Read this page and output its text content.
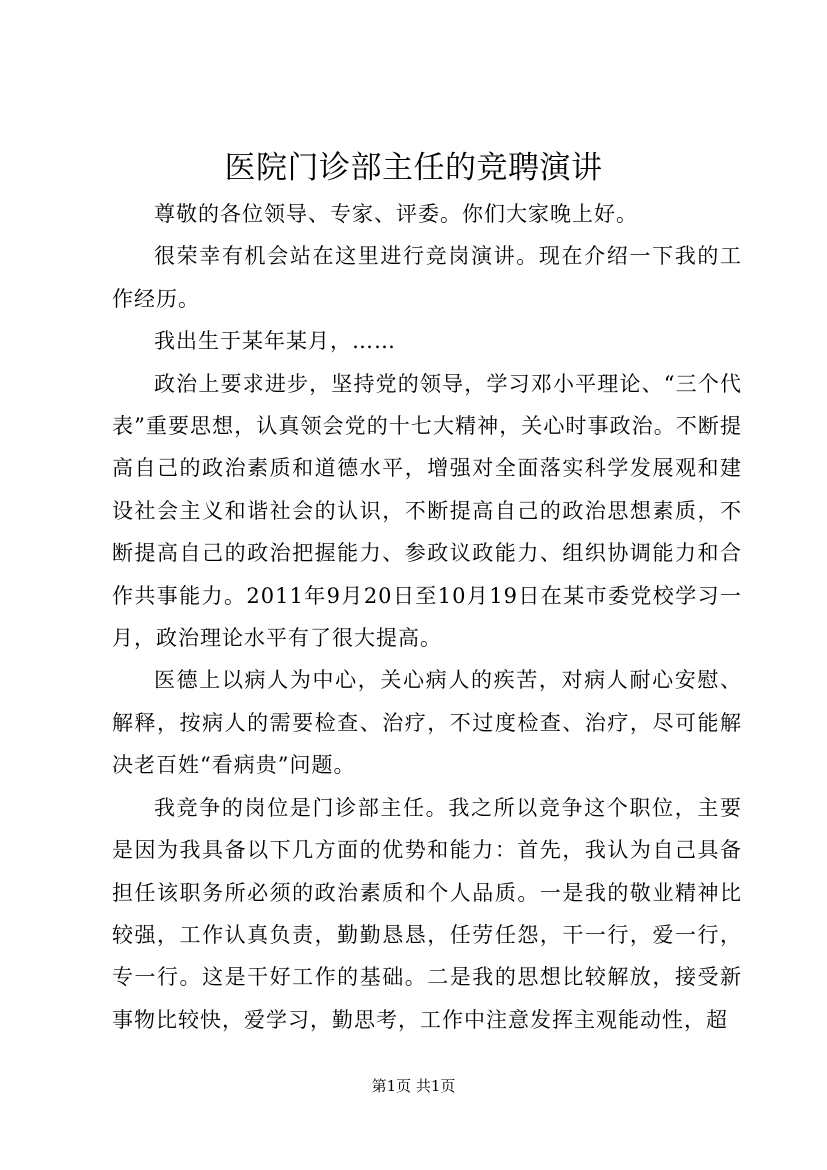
医院门诊部主任的竞聘演讲

尊敬的各位领导、专家、评委。你们大家晚上好。

很荣幸有机会站在这里进行竞岗演讲。现在介绍一下我的工作经历。

我出生于某年某月，……

政治上要求进步，坚持党的领导，学习邓小平理论、“三个代表”重要思想，认真领会党的十七大精神，关心时事政治。不断提高自己的政治素质和道德水平，增强对全面落实科学发展观和建设社会主义和谐社会的认识，不断提高自己的政治思想素质，不断提高自己的政治把握能力、参政议政能力、组织协调能力和合作共事能力。2011年9月20日至10月19日在某市委党校学习一月，政治理论水平有了很大提高。

医德上以病人为中心，关心病人的疾苦，对病人耐心安慰、解释，按病人的需要检查、治疗，不过度检查、治疗，尽可能解决老百姓“看病贵”问题。

我竞争的岗位是门诊部主任。我之所以竞争这个职位，主要是因为我具备以下几方面的优势和能力：首先，我认为自己具备担任该职务所必须的政治素质和个人品质。一是我的敬业精神比较强，工作认真负责，勤勤恳恳，任劳任怨，干一行，爱一行，专一行。这是干好工作的基础。二是我的思想比较解放，接受新事物比较快，爱学习，勤思考，工作中注意发挥主观能动性，超

第1页 共1页
